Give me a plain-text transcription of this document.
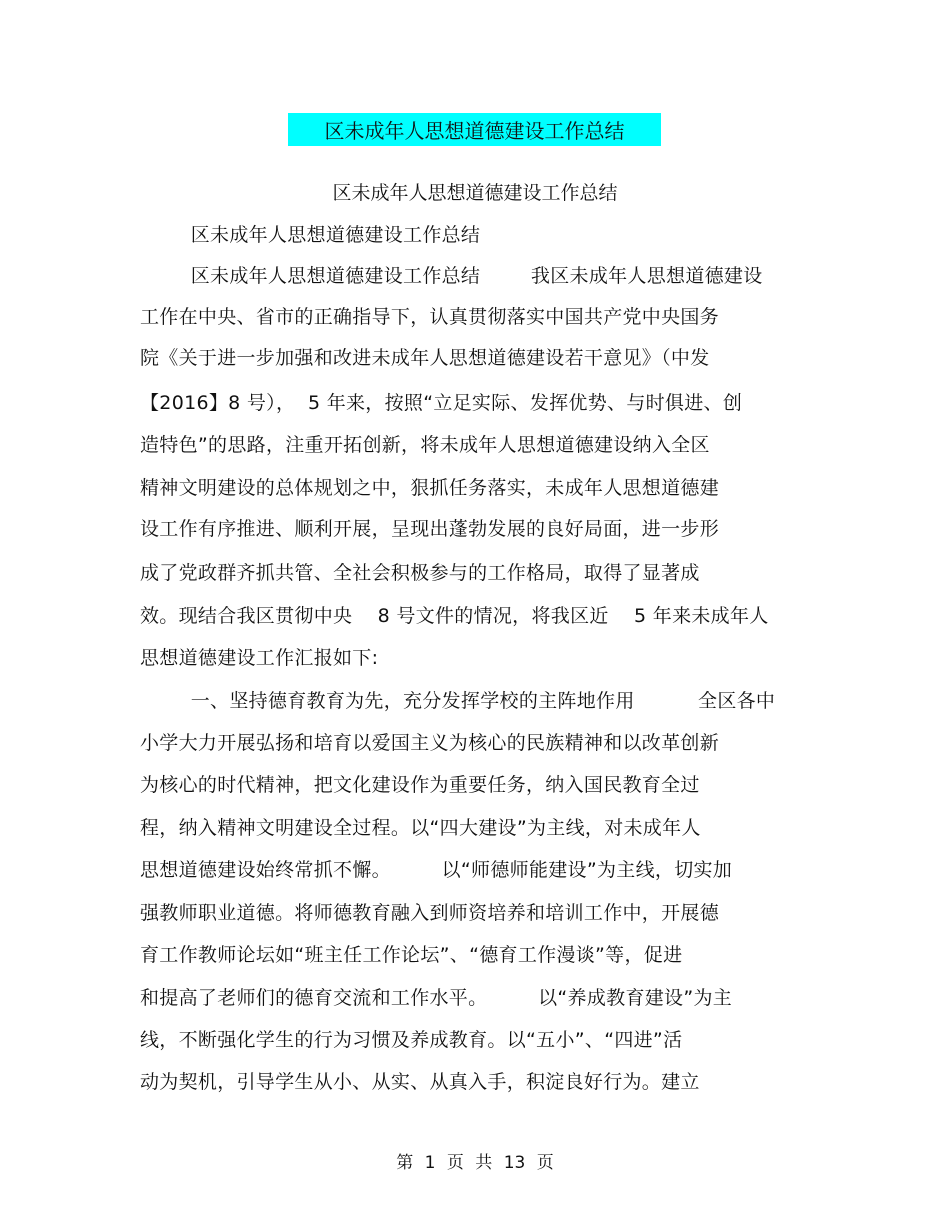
区未成年人思想道德建设工作总结
区未成年人思想道德建设工作总结
区未成年人思想道德建设工作总结
区未成年人思想道德建设工作总结        我区未成年人思想道德建设
工作在中央、省市的正确指导下，认真贯彻落实中国共产党中央国务
院《关于进一步加强和改进未成年人思想道德建设若干意见》（中发
【2016】8 号），  5 年来，按照“立足实际、发挥优势、与时俱进、创
造特色”的思路，注重开拓创新，将未成年人思想道德建设纳入全区
精神文明建设的总体规划之中，狠抓任务落实，未成年人思想道德建
设工作有序推进、顺利开展，呈现出蓬勃发展的良好局面，进一步形
成了党政群齐抓共管、全社会积极参与的工作格局，取得了显著成
效。现结合我区贯彻中央    8 号文件的情况，将我区近    5 年来未成年人
思想道德建设工作汇报如下:
一、坚持德育教育为先，充分发挥学校的主阵地作用          全区各中
小学大力开展弘扬和培育以爱国主义为核心的民族精神和以改革创新
为核心的时代精神，把文化建设作为重要任务，纳入国民教育全过
程，纳入精神文明建设全过程。以“四大建设”为主线，对未成年人
思想道德建设始终常抓不懈。        以“师德师能建设”为主线，切实加
强教师职业道德。将师德教育融入到师资培养和培训工作中，开展德
育工作教师论坛如“班主任工作论坛”、“德育工作漫谈”等，促进
和提高了老师们的德育交流和工作水平。        以“养成教育建设”为主
线，不断强化学生的行为习惯及养成教育。以“五小”、“四进”活
动为契机，引导学生从小、从实、从真入手，积淀良好行为。建立
第 1 页 共 13 页
